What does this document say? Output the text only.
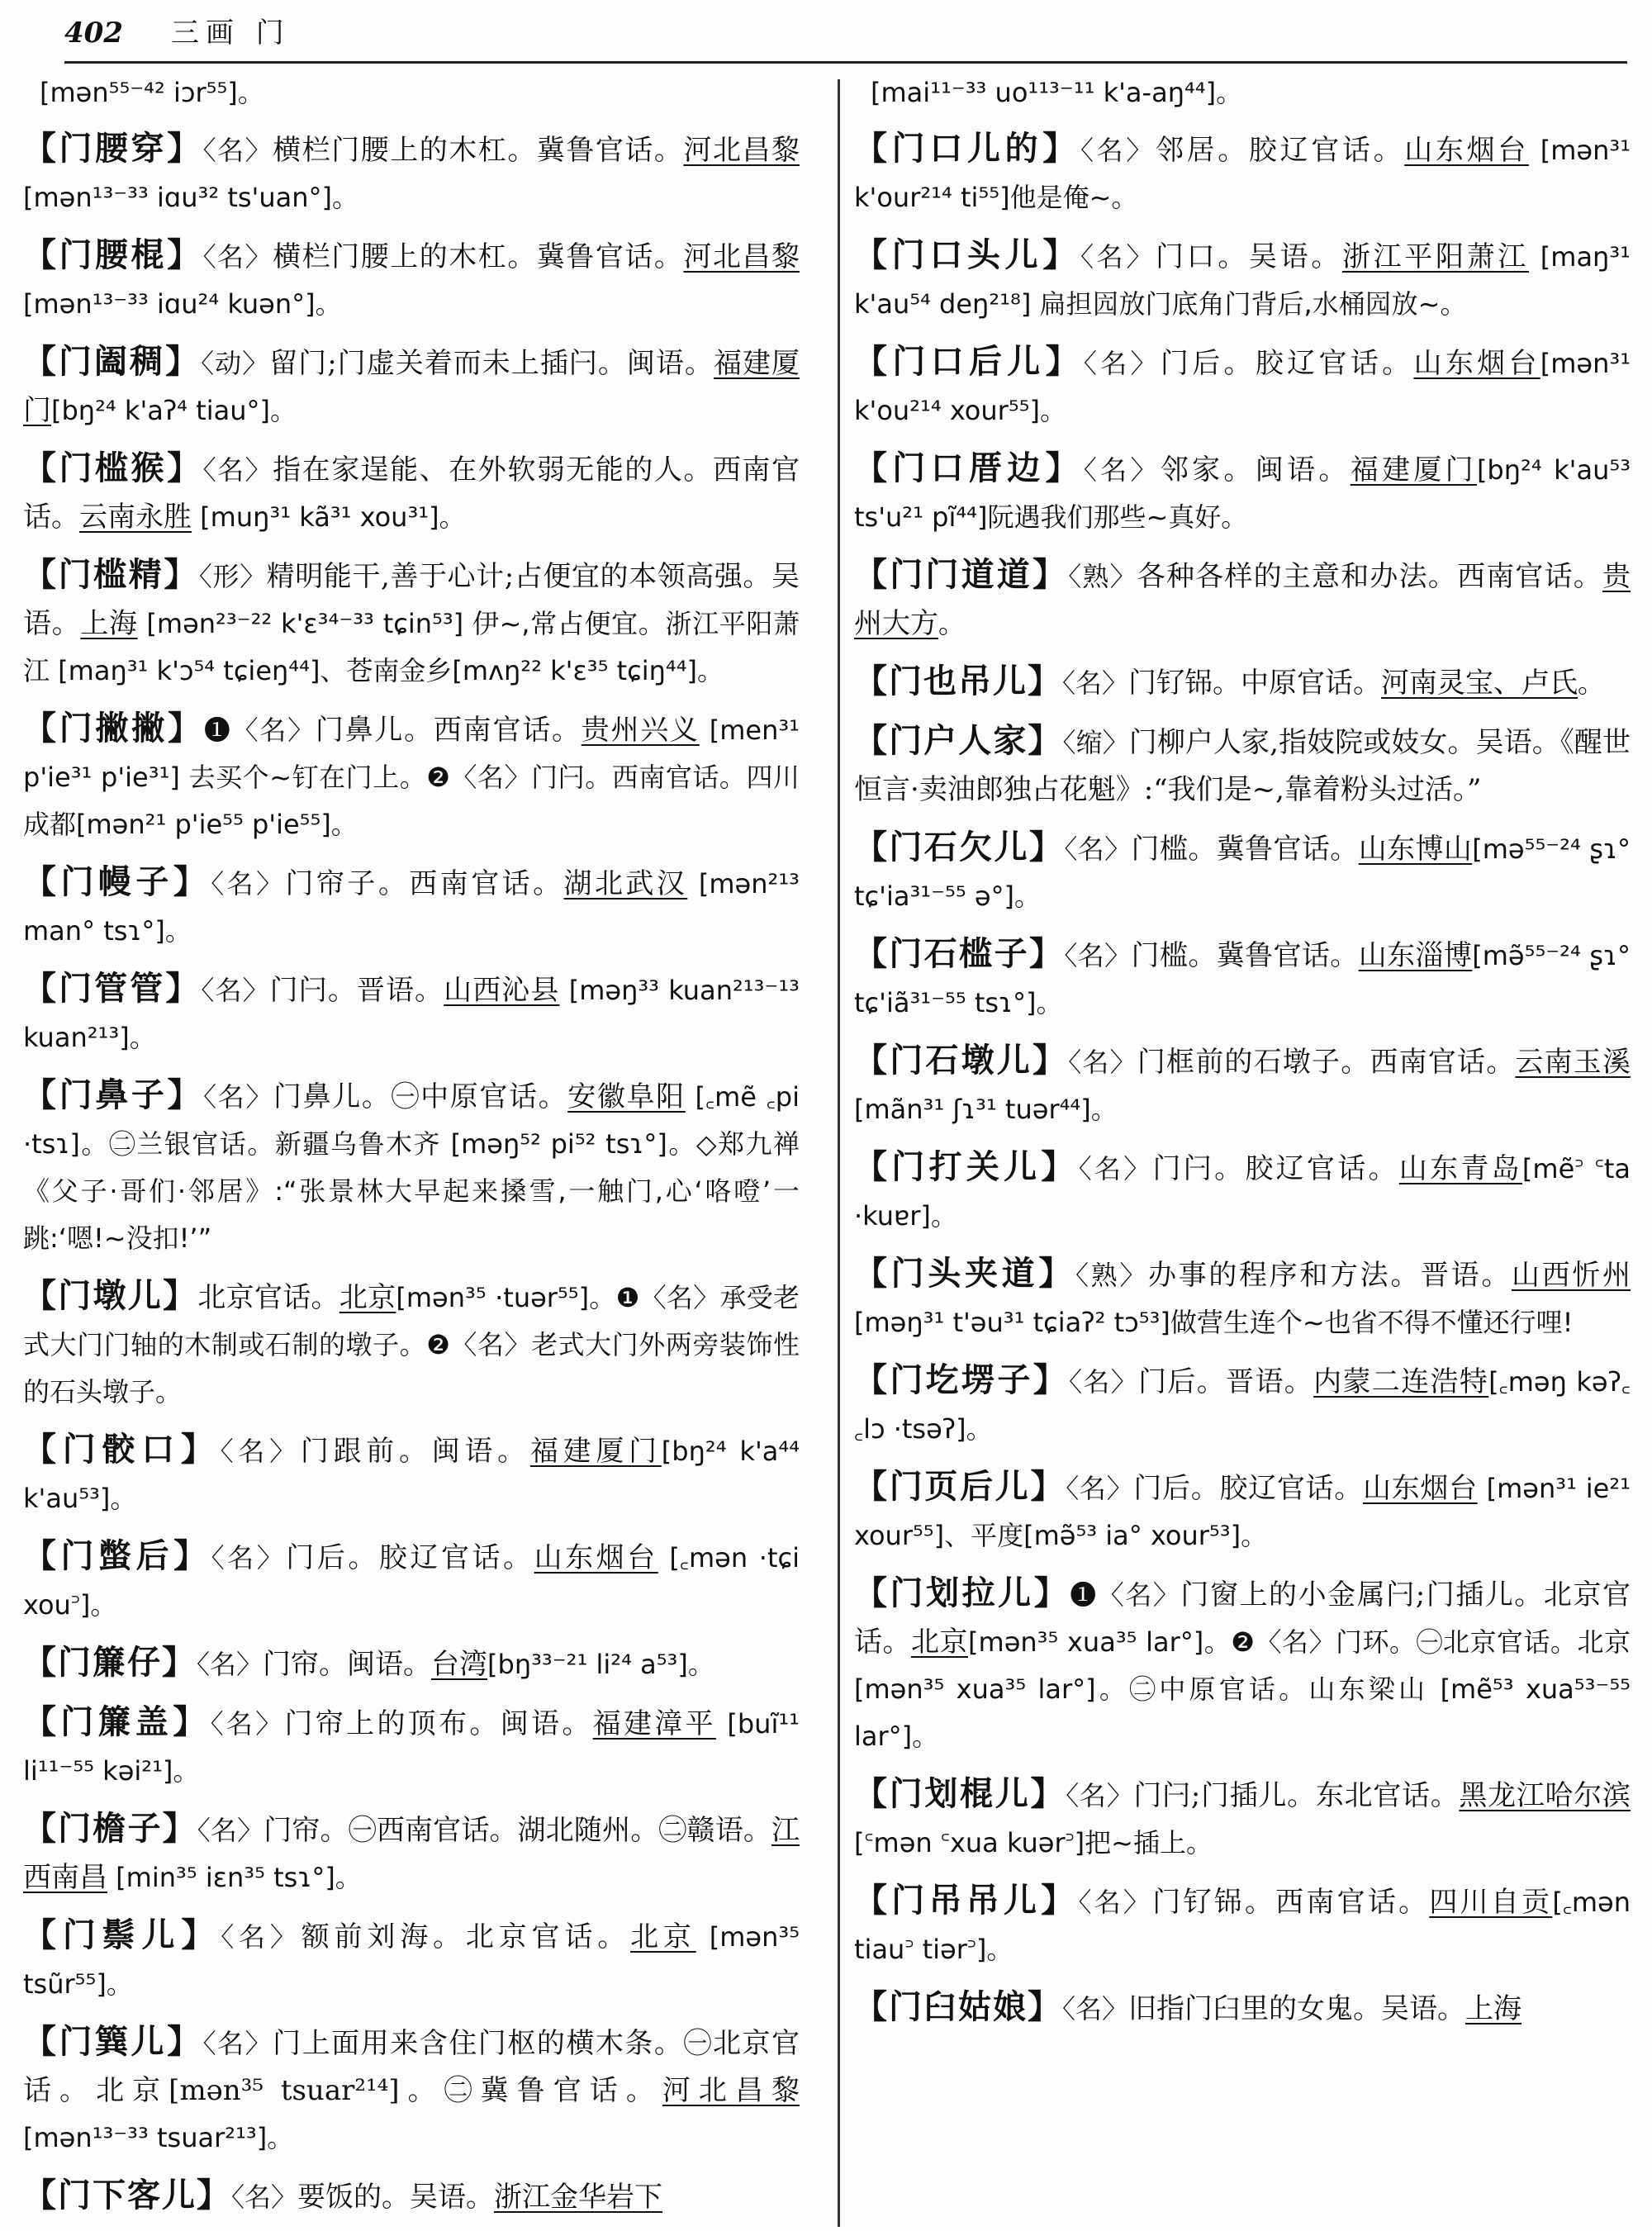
402 三画 门

[mən⁵⁵⁻⁴² iɔr⁵⁵]。

【门腰穿】〈名〉横栏门腰上的木杠。冀鲁官话。河北昌黎 [mən¹³⁻³³ iɑu³² ts'uan°]。

【门腰棍】〈名〉横栏门腰上的木杠。冀鲁官话。河北昌黎 [mən¹³⁻³³ iɑu²⁴ kuən°]。

【门阖稠】〈动〉留门;门虚关着而未上插闩。闽语。福建厦门[bŋ²⁴ k'aʔ⁴ tiau°]。

【门槛猴】〈名〉指在家逞能、在外软弱无能的人。西南官话。云南永胜 [muŋ³¹ kã³¹ xou³¹]。

【门槛精】〈形〉精明能干,善于心计;占便宜的本领高强。吴语。上海 [mən²³⁻²² k'ɛ³⁴⁻³³ tɕin⁵³] 伊~,常占便宜。浙江平阳萧江 [maŋ³¹ k'ɔ⁵⁴ tɕieŋ⁴⁴]、苍南金乡[mʌŋ²² k'ɛ³⁵ tɕiŋ⁴⁴]。

【门撇撇】❶〈名〉门鼻儿。西南官话。贵州兴义 [men³¹ p'ie³¹ p'ie³¹] 去买个~钉在门上。❷〈名〉门闩。西南官话。四川成都[mən²¹ p'ie⁵⁵ p'ie⁵⁵]。

【门幔子】〈名〉门帘子。西南官话。湖北武汉 [mən²¹³ man° tsɿ°]。

【门管管】〈名〉门闩。晋语。山西沁县 [məŋ³³ kuan²¹³⁻¹³ kuan²¹³]。

【门鼻子】〈名〉门鼻儿。㊀中原官话。安徽阜阳 [꜀mẽ ꜀pi ·tsɿ]。㊁兰银官话。新疆乌鲁木齐 [məŋ⁵² pi⁵² tsɿ°]。◇郑九禅《父子·哥们·邻居》:“张景林大早起来搡雪,一触门,心‘咯噔’一跳:‘嗯!~没扣!’”

【门墩儿】北京官话。北京[mən³⁵ ·tuər⁵⁵]。❶〈名〉承受老式大门门轴的木制或石制的墩子。❷〈名〉老式大门外两旁装饰性的石头墩子。

【门骹口】〈名〉门跟前。闽语。福建厦门[bŋ²⁴ k'a⁴⁴ k'au⁵³]。

【门蟞后】〈名〉门后。胶辽官话。山东烟台 [꜀mən ·tɕi xou꜄]。

【门簾仔】〈名〉门帘。闽语。台湾[bŋ³³⁻²¹ li²⁴ a⁵³]。

【门簾盖】〈名〉门帘上的顶布。闽语。福建漳平 [buĩ¹¹ li¹¹⁻⁵⁵ kəi²¹]。

【门檐子】〈名〉门帘。㊀西南官话。湖北随州。㊁赣语。江西南昌 [min³⁵ iɛn³⁵ tsɿ°]。

【门鬃儿】〈名〉额前刘海。北京官话。北京 [mən³⁵ tsũr⁵⁵]。

【门簨儿】〈名〉门上面用来含住门枢的横木条。㊀北京官话。北京[mən³⁵ tsuar²¹⁴]。㊁冀鲁官话。河北昌黎 [mən¹³⁻³³ tsuar²¹³]。

【门下客儿】〈名〉要饭的。吴语。浙江金华岩下

[mai¹¹⁻³³ uo¹¹³⁻¹¹ k'a-aŋ⁴⁴]。

【门口儿的】〈名〉邻居。胶辽官话。山东烟台 [mən³¹ k'our²¹⁴ ti⁵⁵]他是俺~。

【门口头儿】〈名〉门口。吴语。浙江平阳萧江 [maŋ³¹ k'au⁵⁴ deŋ²¹⁸] 扁担囥放门底角门背后,水桶囥放~。

【门口后儿】〈名〉门后。胶辽官话。山东烟台[mən³¹ k'ou²¹⁴ xour⁵⁵]。

【门口厝边】〈名〉邻家。闽语。福建厦门[bŋ²⁴ k'au⁵³ ts'u²¹ pĩ⁴⁴]阮遇我们那些~真好。

【门门道道】〈熟〉各种各样的主意和办法。西南官话。贵州大方。

【门也吊儿】〈名〉门钌铞。中原官话。河南灵宝、卢氏。

【门户人家】〈缩〉门柳户人家,指妓院或妓女。吴语。《醒世恒言·卖油郎独占花魁》:“我们是~,靠着粉头过活。”

【门石欠儿】〈名〉门槛。冀鲁官话。山东博山[mə⁵⁵⁻²⁴ ʂɿ° tɕ'ia³¹⁻⁵⁵ ə°]。

【门石槛子】〈名〉门槛。冀鲁官话。山东淄博[mə̃⁵⁵⁻²⁴ ʂɿ° tɕ'iã³¹⁻⁵⁵ tsɿ°]。

【门石墩儿】〈名〉门框前的石墩子。西南官话。云南玉溪[mãn³¹ ʃɿ³¹ tuər⁴⁴]。

【门打关儿】〈名〉门闩。胶辽官话。山东青岛[mẽ꜄ ꜂ta ·kuɐr]。

【门头夹道】〈熟〉办事的程序和方法。晋语。山西忻州[məŋ³¹ t'əu³¹ tɕiaʔ² tɔ⁵³]做营生连个~也省不得不懂还行哩!

【门圪塄子】〈名〉门后。晋语。内蒙二连浩特[꜀məŋ kəʔ꜀ ꜀lɔ ·tsəʔ]。

【门页后儿】〈名〉门后。胶辽官话。山东烟台 [mən³¹ ie²¹ xour⁵⁵]、平度[mə̃⁵³ ia° xour⁵³]。

【门划拉儿】❶〈名〉门窗上的小金属闩;门插儿。北京官话。北京[mən³⁵ xua³⁵ lar°]。❷〈名〉门环。㊀北京官话。北京[mən³⁵ xua³⁵ lar°]。㊁中原官话。山东梁山 [mẽ⁵³ xua⁵³⁻⁵⁵ lar°]。

【门划棍儿】〈名〉门闩;门插儿。东北官话。黑龙江哈尔滨[꜂mən ꜂xua kuər꜄]把~插上。

【门吊吊儿】〈名〉门钌铞。西南官话。四川自贡[꜀mən tiau꜄ tiər꜄]。

【门臼姑娘】〈名〉旧指门臼里的女鬼。吴语。上海
